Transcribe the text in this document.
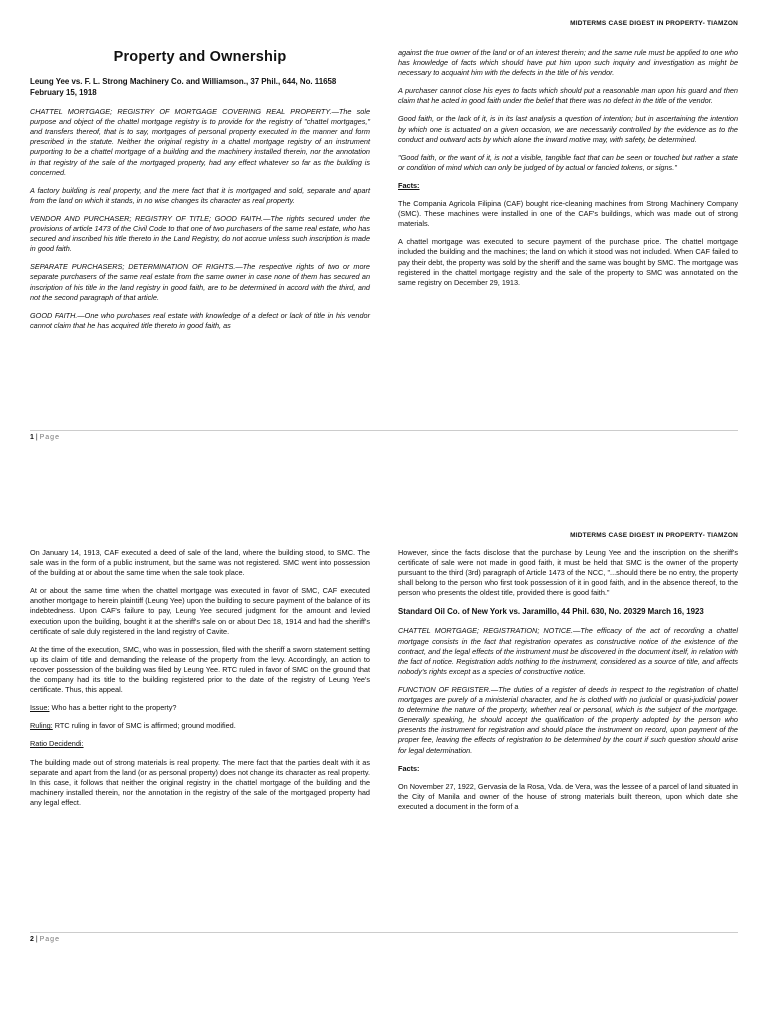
MIDTERMS CASE DIGEST IN PROPERTY- TIAMZON
Property and Ownership
Leung Yee vs. F. L. Strong Machinery Co. and Williamson., 37 Phil., 644, No. 11658 February 15, 1918

CHATTEL MORTGAGE; REGISTRY OF MORTGAGE COVERING REAL PROPERTY.—The sole purpose and object of the chattel mortgage registry is to provide for the registry of "chattel mortgages," and transfers thereof, that is to say, mortgages of personal property executed in the manner and form prescribed in the statute. Neither the original registry in a chattel mortgage registry of an instrument purporting to be a chattel mortgage of a building and the machinery installed therein, nor the annotation in that registry of the sale of the mortgaged property, had any effect whatever so far as the building is concerned.

A factory building is real property, and the mere fact that it is mortgaged and sold, separate and apart from the land on which it stands, in no wise changes its character as real property.

VENDOR AND PURCHASER; REGISTRY OF TITLE; GOOD FAITH.—The rights secured under the provisions of article 1473 of the Civil Code to that one of two purchasers of the same real estate, who has secured and inscribed his title thereto in the Land Registry, do not accrue unless such inscription is made in good faith.

SEPARATE PURCHASERS; DETERMINATION OF RIGHTS.—The respective rights of two or more separate purchasers of the same real estate from the same owner in case none of them has secured an inscription of his title in the land registry in good faith, are to be determined in accord with the third, and not the second paragraph of that article.

GOOD FAITH.—One who purchases real estate with knowledge of a defect or lack of title in his vendor cannot claim that he has acquired title thereto in good faith, as

against the true owner of the land or of an interest therein; and the same rule must be applied to one who has knowledge of facts which should have put him upon such inquiry and investigation as might be necessary to acquaint him with the defects in the title of his vendor.

A purchaser cannot close his eyes to facts which should put a reasonable man upon his guard and then claim that he acted in good faith under the belief that there was no defect in the title of the vendor.

Good faith, or the lack of it, is in its last analysis a question of intention; but in ascertaining the intention by which one is actuated on a given occasion, we are necessarily controlled by the evidence as to the conduct and outward acts by which alone the inward motive may, with safety, be determined.

"Good faith, or the want of it, is not a visible, tangible fact that can be seen or touched but rather a state or condition of mind which can only be judged of by actual or fancied tokens, or signs."

Facts:

The Compania Agricola Filipina (CAF) bought rice-cleaning machines from Strong Machinery Company (SMC). These machines were installed in one of the CAF's buildings, which was made out of strong materials.

A chattel mortgage was executed to secure payment of the purchase price. The chattel mortgage included the building and the machines; the land on which it stood was not included. When CAF failed to pay their debt, the property was sold by the sheriff and the same was bought by SMC. The mortgage was registered in the chattel mortgage registry and the sale of the property to SMC was annotated on the same registry on December 29, 1913.

1 | Page
MIDTERMS CASE DIGEST IN PROPERTY- TIAMZON

On January 14, 1913, CAF executed a deed of sale of the land, where the building stood, to SMC. The sale was in the form of a public instrument, but the same was not registered. SMC went into possession of the building at or about the same time when the sale took place.

At or about the same time when the chattel mortgage was executed in favor of SMC, CAF executed another mortgage to herein plaintiff (Leung Yee) upon the building to secure payment of the balance of its indebtedness. Upon CAF's failure to pay, Leung Yee secured judgment for the amount and levied execution upon the building, bought it at the sheriff's sale on or about Dec 18, 1914 and had the sheriff's certificate of sale duly registered in the land registry of Cavite.

At the time of the execution, SMC, who was in possession, filed with the sheriff a sworn statement setting up its claim of title and demanding the release of the property from the levy. Accordingly, an action to recover possession of the building was filed by Leung Yee. RTC ruled in favor of SMC on the ground that the company had its title to the building registered prior to the date of the registry of Leung Yee's certificate. Thus, this appeal.

Issue: Who has a better right to the property?

Ruling: RTC ruling in favor of SMC is affirmed; ground modified.

Ratio Decidendi:

The building made out of strong materials is real property. The mere fact that the parties dealt with it as separate and apart from the land (or as personal property) does not change its character as real property. In this case, it follows that neither the original registry in the chattel mortgage of the building and the machinery installed therein, nor the annotation in the registry of the sale of the mortgaged property had any legal effect.

However, since the facts disclose that the purchase by Leung Yee and the inscription on the sheriff's certificate of sale were not made in good faith, it must be held that SMC is the owner of the property pursuant to the third (3rd) paragraph of Article 1473 of the NCC, "...should there be no entry, the property shall belong to the person who first took possession of it in good faith, and in the absence thereof, to the person who presents the oldest title, provided there is good faith."

Standard Oil Co. of New York vs. Jaramillo, 44 Phil. 630, No. 20329 March 16, 1923

CHATTEL MORTGAGE; REGISTRATION; NOTICE.—The efficacy of the act of recording a chattel mortgage consists in the fact that registration operates as constructive notice of the existence of the contract, and the legal effects of the instrument must be discovered in the document itself, in relation with the fact of notice. Registration adds nothing to the instrument, considered as a source of title, and affects nobody's rights except as a species of constructive notice.

FUNCTION OF REGISTER.—The duties of a register of deeds in respect to the registration of chattel mortgages are purely of a ministerial character, and he is clothed with no judicial or quasi-judicial power to determine the nature of the property, whether real or personal, which is the subject of the mortgage. Generally speaking, he should accept the qualification of the property adopted by the person who presents the instrument for registration and should place the instrument on record, upon payment of the proper fee, leaving the effects of registration to be determined by the court if such question should arise for legal determination.

Facts:

On November 27, 1922, Gervasia de la Rosa, Vda. de Vera, was the lessee of a parcel of land situated in the City of Manila and owner of the house of strong materials built thereon, upon which date she executed a document in the form of a

2 | Page
